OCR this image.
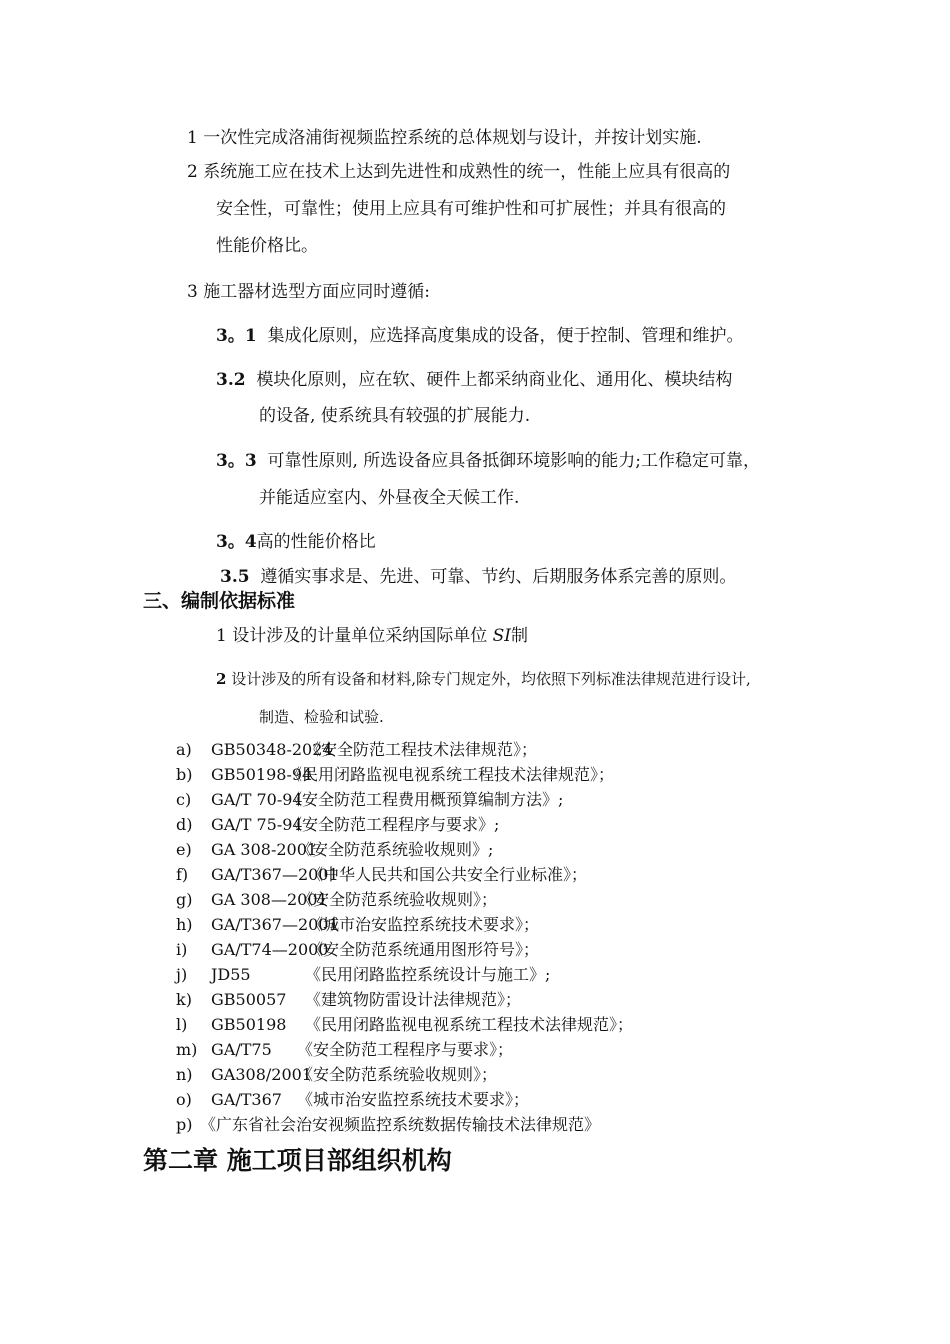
1 一次性完成洛浦街视频监控系统的总体规划与设计，并按计划实施.
2 系统施工应在技术上达到先进性和成熟性的统一，性能上应具有很高的
安全性，可靠性；使用上应具有可维护性和可扩展性；并具有很高的
性能价格比。
3 施工器材选型方面应同时遵循:
3。1 集成化原则，应选择高度集成的设备，便于控制、管理和维护。
3.2 模块化原则，应在软、硬件上都采纳商业化、通用化、模块结构
的设备, 使系统具有较强的扩展能力.
3。3 可靠性原则, 所选设备应具备抵御环境影响的能力;工作稳定可靠，
并能适应室内、外昼夜全天候工作.
3。4高的性能价格比
3.5 遵循实事求是、先进、可靠、节约、后期服务体系完善的原则。
三、编制依据标准
1 设计涉及的计量单位采纳国际单位 SI制
2 设计涉及的所有设备和材料,除专门规定外，均依照下列标准法律规范进行设计,
制造、检验和试验.
a) GB50348-2024
《安全防范工程技术法律规范》；
b) GB50198-94
《民用闭路监视电视系统工程技术法律规范》；
c) GA/T 70-94
《安全防范工程费用概预算编制方法》;
d) GA/T 75-94
《安全防范工程程序与要求》;
e) GA 308-2001
《安全防范系统验收规则》;
f) GA/T367—2001
《中华人民共和国公共安全行业标准》；
g) GA 308—2001
《安全防范系统验收规则》；
h) GA/T367—2001
《城市治安监控系统技术要求》；
i) GA/T74—2000
《安全防范系统通用图形符号》；
j) JD55	《民用闭路监控系统设计与施工》;
k) GB50057 《建筑物防雷设计法律规范》；
l) GB50198 《民用闭路监视电视系统工程技术法律规范》；
m) GA/T75 《安全防范工程程序与要求》；
n) GA308/2001
《安全防范系统验收规则》；
o) GA/T367 《城市治安监控系统技术要求》；
p) 《广东省社会治安视频监控系统数据传输技术法律规范》
第二章 施工项目部组织机构
